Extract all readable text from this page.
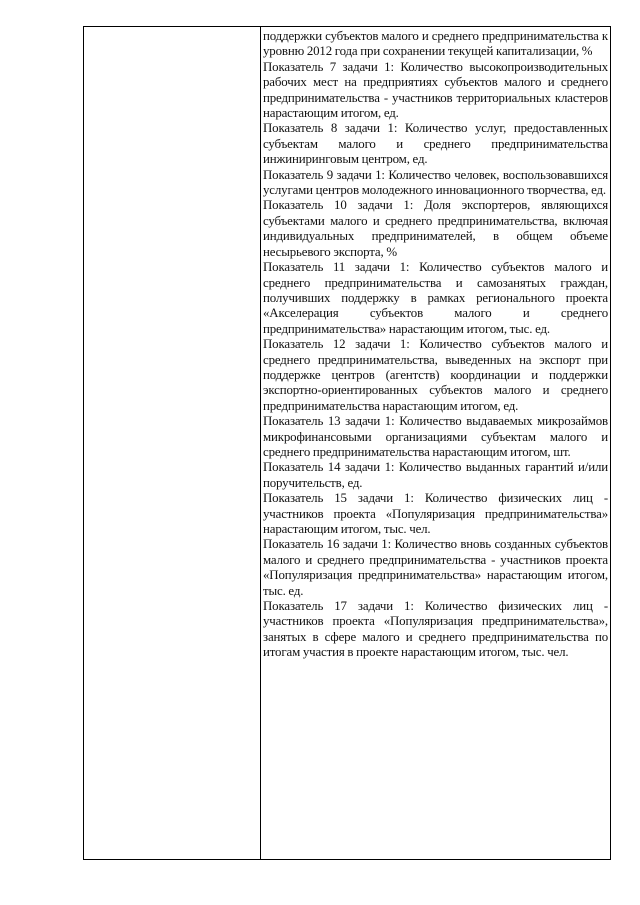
поддержки субъектов малого и среднего предпринимательства к уровню 2012 года при сохранении текущей капитализации, %

Показатель 7 задачи 1: Количество высокопроизводительных рабочих мест на предприятиях субъектов малого и среднего предпринимательства - участников территориальных кластеров нарастающим итогом, ед.

Показатель 8 задачи 1: Количество услуг, предоставленных субъектам малого и среднего предпринимательства инжиниринговым центром, ед.

Показатель 9 задачи 1: Количество человек, воспользовавшихся услугами центров молодежного инновационного творчества, ед.

Показатель 10 задачи 1: Доля экспортеров, являющихся субъектами малого и среднего предпринимательства, включая индивидуальных предпринимателей, в общем объеме несырьевого экспорта, %

Показатель 11 задачи 1: Количество субъектов малого и среднего предпринимательства и самозанятых граждан, получивших поддержку в рамках регионального проекта «Акселерация субъектов малого и среднего предпринимательства» нарастающим итогом, тыс. ед.

Показатель 12 задачи 1: Количество субъектов малого и среднего предпринимательства, выведенных на экспорт при поддержке центров (агентств) координации и поддержки экспортно-ориентированных субъектов малого и среднего предпринимательства нарастающим итогом, ед.

Показатель 13 задачи 1: Количество выдаваемых микрозаймов микрофинансовыми организациями субъектам малого и среднего предпринимательства нарастающим итогом, шт.

Показатель 14 задачи 1: Количество выданных гарантий и/или поручительств, ед.

Показатель 15 задачи 1: Количество физических лиц - участников проекта «Популяризация предпринимательства» нарастающим итогом, тыс. чел.

Показатель 16 задачи 1: Количество вновь созданных субъектов малого и среднего предпринимательства - участников проекта «Популяризация предпринимательства» нарастающим итогом, тыс. ед.

Показатель 17 задачи 1: Количество физических лиц - участников проекта «Популяризация предпринимательства», занятых в сфере малого и среднего предпринимательства по итогам участия в проекте нарастающим итогом, тыс. чел.
